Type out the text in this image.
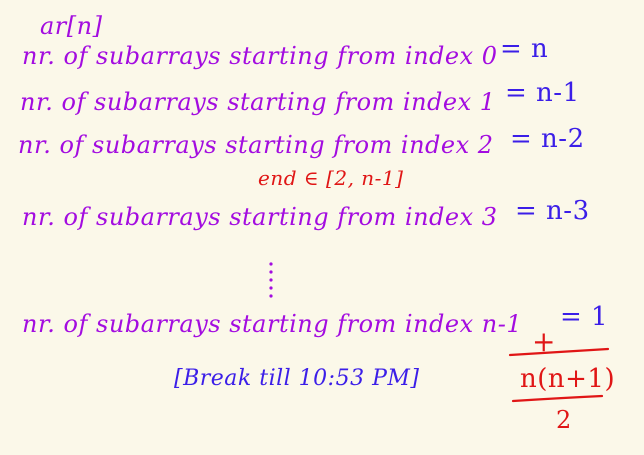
ar[n]
nr. of subarrays starting from index 0 = n
nr. of subarrays starting from index 1 = n-1
nr. of subarrays starting from index 2 = n-2
end ∈ [2, n-1]
nr. of subarrays starting from index 3 = n-3
nr. of subarrays starting from index n-1 = 1
[Break till 10:53 PM]
+
n(n+1)
2
